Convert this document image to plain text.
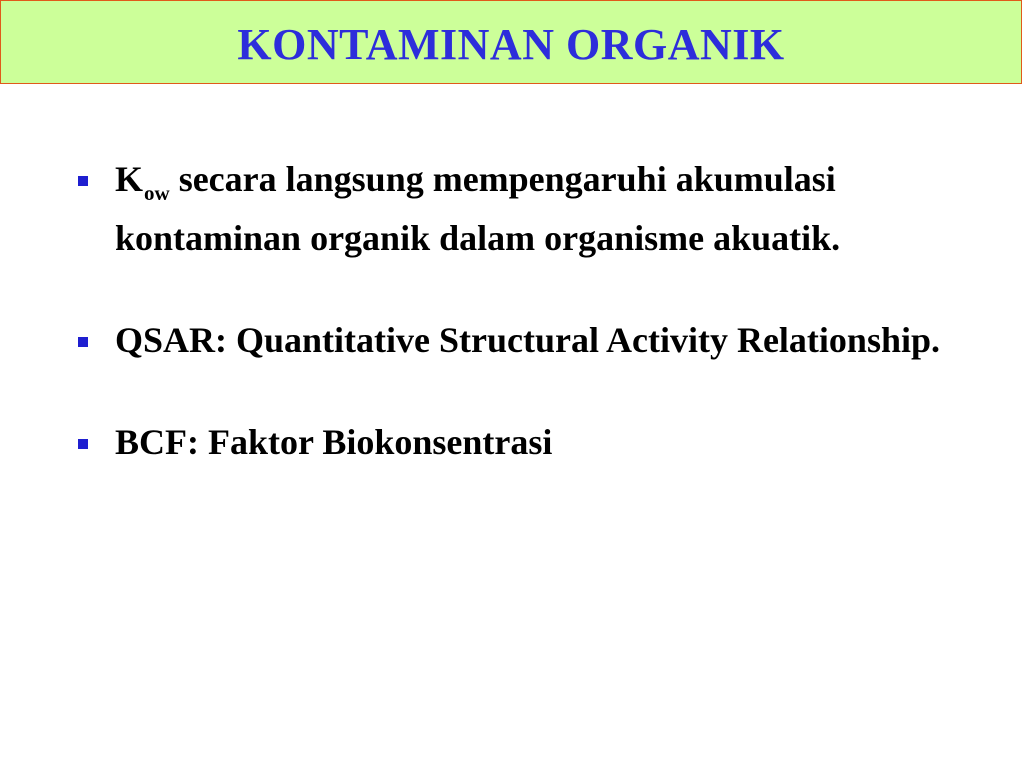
KONTAMINAN ORGANIK
$K_{ow}$ secara langsung mempengaruhi akumulasi kontaminan organik dalam organisme akuatik.
QSAR: Quantitative Structural Activity Relationship.
BCF: Faktor Biokonsentrasi
